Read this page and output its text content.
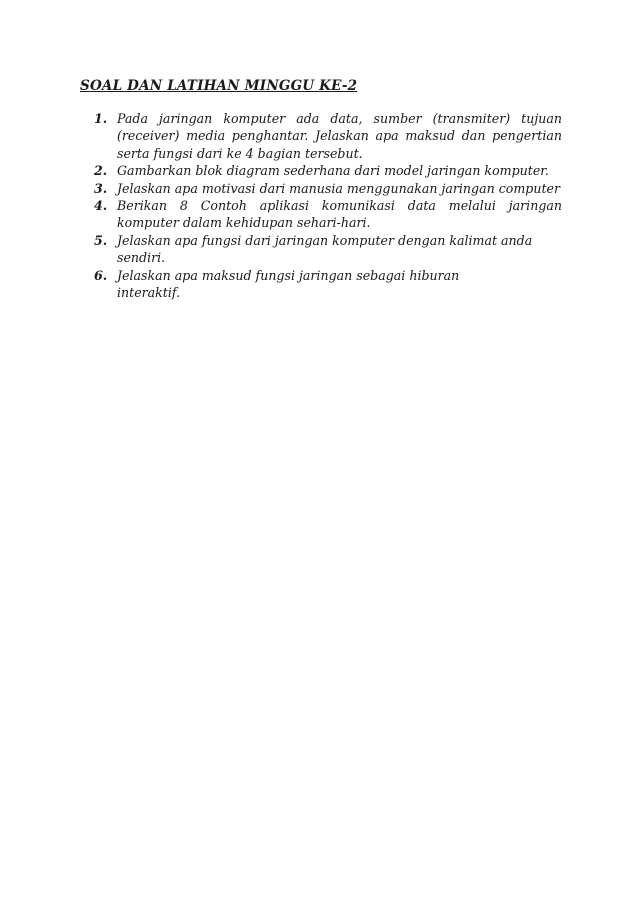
SOAL DAN LATIHAN MINGGU KE-2
1. Pada jaringan komputer ada data, sumber (transmiter) tujuan (receiver) media penghantar. Jelaskan apa maksud dan pengertian serta fungsi dari ke 4 bagian tersebut.
2. Gambarkan blok diagram sederhana dari model jaringan komputer.
3. Jelaskan apa motivasi dari manusia menggunakan jaringan computer
4. Berikan 8 Contoh aplikasi komunikasi data melalui jaringan komputer dalam kehidupan sehari-hari.
5. Jelaskan apa fungsi dari jaringan komputer dengan kalimat anda sendiri.
6. Jelaskan apa maksud fungsi jaringan sebagai hiburan interaktif.
